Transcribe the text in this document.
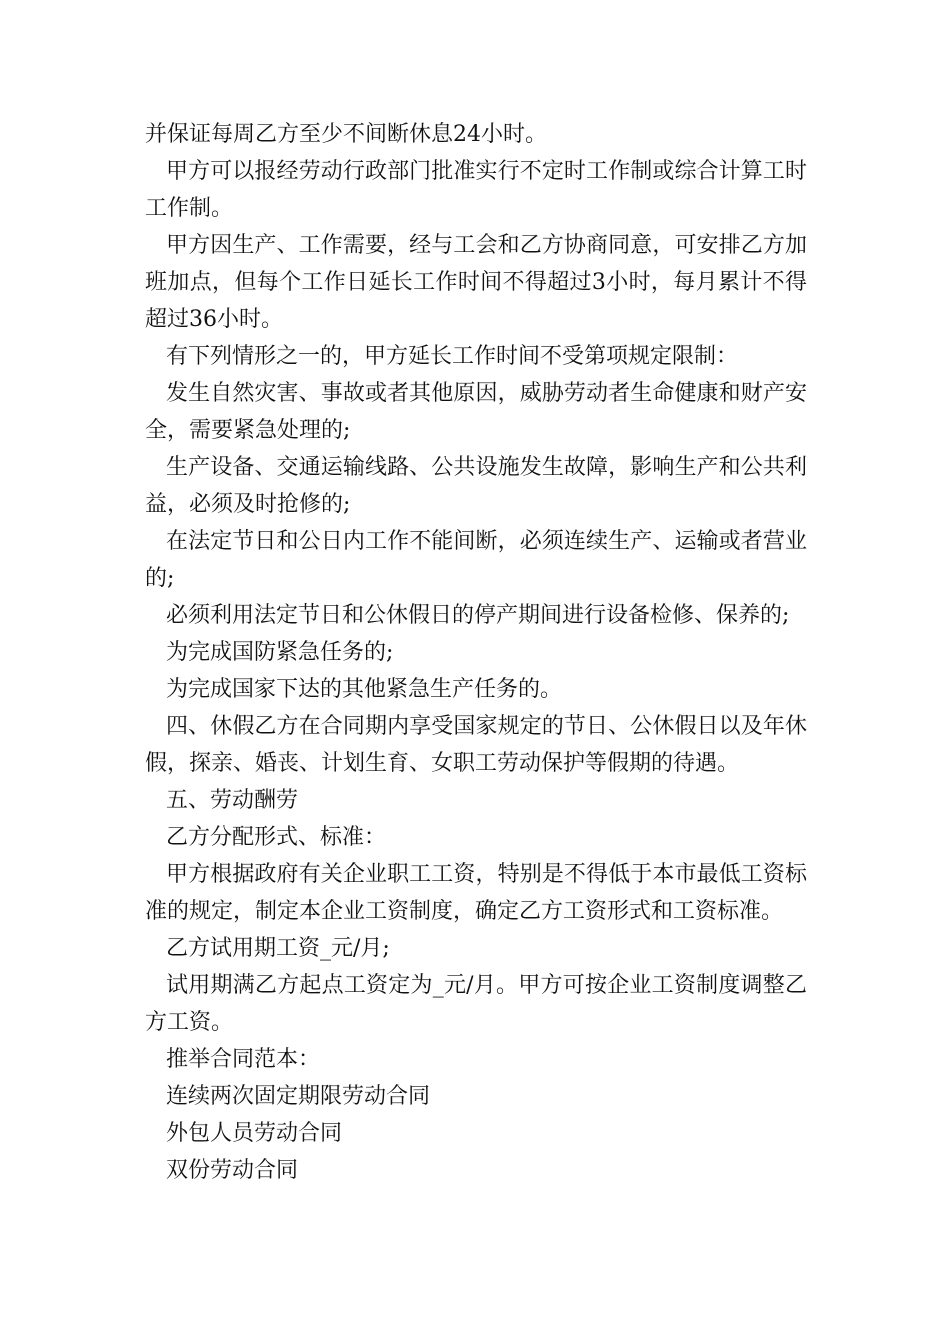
并保证每周乙方至少不间断休息24小时。

甲方可以报经劳动行政部门批准实行不定时工作制或综合计算工时工作制。

甲方因生产、工作需要，经与工会和乙方协商同意，可安排乙方加班加点，但每个工作日延长工作时间不得超过3小时，每月累计不得超过36小时。

有下列情形之一的，甲方延长工作时间不受第项规定限制：

发生自然灾害、事故或者其他原因，威胁劳动者生命健康和财产安全，需要紧急处理的;

生产设备、交通运输线路、公共设施发生故障，影响生产和公共利益，必须及时抢修的;

在法定节日和公日内工作不能间断，必须连续生产、运输或者营业的;

必须利用法定节日和公休假日的停产期间进行设备检修、保养的;

为完成国防紧急任务的;

为完成国家下达的其他紧急生产任务的。

四、休假乙方在合同期内享受国家规定的节日、公休假日以及年休假，探亲、婚丧、计划生育、女职工劳动保护等假期的待遇。

五、劳动酬劳

乙方分配形式、标准：

甲方根据政府有关企业职工工资，特别是不得低于本市最低工资标准的规定，制定本企业工资制度，确定乙方工资形式和工资标准。

乙方试用期工资_元/月;

试用期满乙方起点工资定为_元/月。甲方可按企业工资制度调整乙方工资。

推举合同范本：

连续两次固定期限劳动合同

外包人员劳动合同

双份劳动合同
